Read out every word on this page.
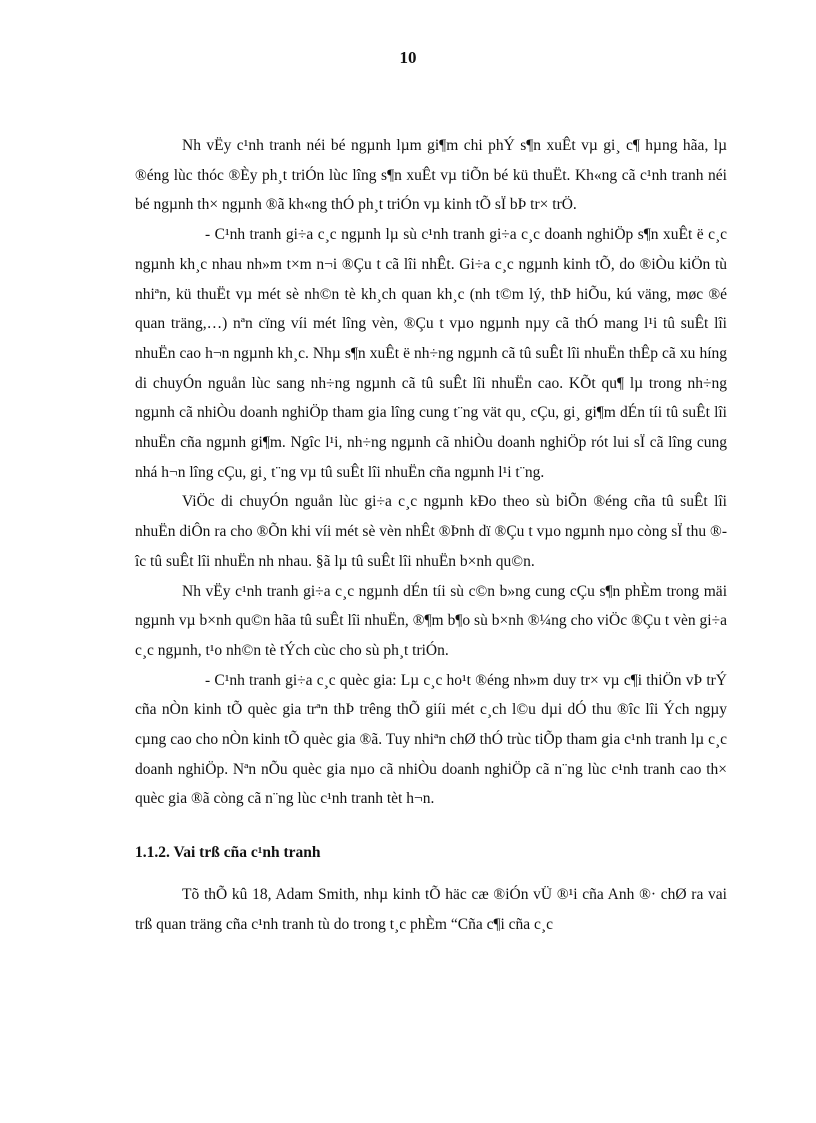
10

Nh vËy c¹nh tranh néi bé ngµnh lµm gi¶m chi phÝ s¶n xuÊt vµ gi¸ c¶ hµng hãa, lµ ®éng lùc thóc ®Èy ph¸t triÓn lùc lîng s¶n xuÊt vµ tiÕn bé kü thuËt. Kh«ng cã c¹nh tranh néi bé ngµnh th× ngµnh ®ã kh«ng thÓ ph¸t triÓn vµ kinh tÕ sÏ bÞ tr× trÖ.

- C¹nh tranh gi÷a c¸c ngµnh lµ sù c¹nh tranh gi÷a c¸c doanh nghiÖp s¶n xuÊt ë c¸c ngµnh kh¸c nhau nh»m t×m n¬i ®Çu t cã lîi nhÊt. Gi÷a c¸c ngµnh kinh tÕ, do ®iÒu kiÖn tù nhiªn, kü thuËt vµ mét sè nh©n tè kh¸ch quan kh¸c (nh t©m lý, thÞ hiÕu, kú väng, møc ®é quan träng,…) nªn cïng víi mét lîng vèn, ®Çu t vµo ngµnh nµy cã thÓ mang l¹i tû suÊt lîi nhuËn cao h¬n ngµnh kh¸c. Nhµ s¶n xuÊt ë nh÷ng ngµnh cã tû suÊt lîi nhuËn thÊp cã xu híng di chuyÓn nguån lùc sang nh÷ng ngµnh cã tû suÊt lîi nhuËn cao. KÕt qu¶ lµ trong nh÷ng ngµnh cã nhiÒu doanh nghiÖp tham gia lîng cung t¨ng vät qu¸ cÇu, gi¸ gi¶m dÉn tíi tû suÊt lîi nhuËn cña ngµnh gi¶m. Ngîc l¹i, nh÷ng ngµnh cã nhiÒu doanh nghiÖp rót lui sÏ cã lîng cung nhá h¬n lîng cÇu, gi¸ t¨ng vµ tû suÊt lîi nhuËn cña ngµnh l¹i t¨ng.

ViÖc di chuyÓn nguån lùc gi÷a c¸c ngµnh kÐo theo sù biÕn ®éng cña tû suÊt lîi nhuËn diÔn ra cho ®Õn khi víi mét sè vèn nhÊt ®Þnh dï ®Çu t vµo ngµnh nµo còng sÏ thu ®îc tû suÊt lîi nhuËn nh nhau. §ã lµ tû suÊt lîi nhuËn b×nh qu©n.

Nh vËy c¹nh tranh gi÷a c¸c ngµnh dÉn tíi sù c©n b»ng cung cÇu s¶n phÈm trong mäi ngµnh vµ b×nh qu©n hãa tû suÊt lîi nhuËn, ®¶m b¶o sù b×nh ®¼ng cho viÖc ®Çu t vèn gi÷a c¸c ngµnh, t¹o nh©n tè tÝch cùc cho sù ph¸t triÓn.

- C¹nh tranh gi÷a c¸c quèc gia: Lµ c¸c ho¹t ®éng nh»m duy tr× vµ c¶i thiÖn vÞ trÝ cña nÒn kinh tÕ quèc gia trªn thÞ trêng thÕ giíi mét c¸ch l©u dµi dÓ thu ®îc lîi Ých ngµy cµng cao cho nÒn kinh tÕ quèc gia ®ã. Tuy nhiªn chØ thÓ trùc tiÕp tham gia c¹nh tranh lµ c¸c doanh nghiÖp. Nªn nÕu quèc gia nµo cã nhiÒu doanh nghiÖp cã n¨ng lùc c¹nh tranh cao th× quèc gia ®ã còng cã n¨ng lùc c¹nh tranh tèt h¬n.

1.1.2. Vai trß cña c¹nh tranh

Tõ thÕ kû 18, Adam Smith, nhµ kinh tÕ häc cæ ®iÓn vÜ ®¹i cña Anh ®· chØ ra vai trß quan träng cña c¹nh tranh tù do trong t¸c phÈm “Cña c¶i cña c¸c
